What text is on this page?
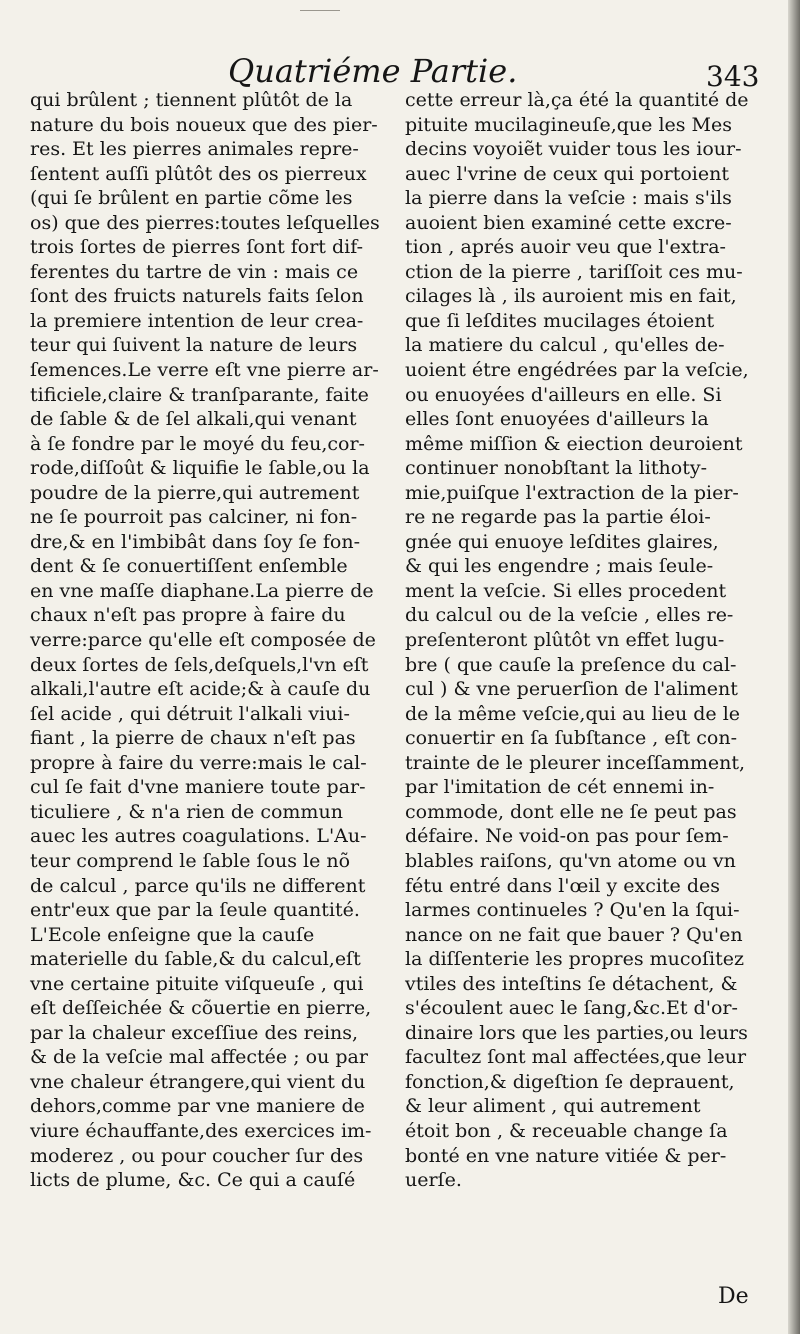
Quatriéme Partie.	343
qui brûlent ; tiennent plûtôt de la
nature du bois noueux que des pier-
res. Et les pierres animales repre-
ſentent auſſi plûtôt des os pierreux
(qui ſe brûlent en partie cõme les
os) que des pierres:toutes leſquelles
trois ſortes de pierres ſont fort dif-
ferentes du tartre de vin : mais ce
ſont des fruicts naturels faits ſelon
la premiere intention de leur crea-
teur qui ſuivent la nature de leurs
ſemences.Le verre eſt vne pierre ar-
tificiele,claire & tranſparante, faite
de ſable & de ſel alkali,qui venant
à ſe fondre par le moyé du feu,cor-
rode,diſſoût & liquifie le ſable,ou la
poudre de la pierre,qui autrement
ne ſe pourroit pas calciner, ni fon-
dre,& en l'imbibât dans ſoy ſe fon-
dent & ſe conuertiſſent enſemble
en vne maſſe diaphane.La pierre de
chaux n'eſt pas propre à faire du
verre:parce qu'elle eſt composée de
deux ſortes de ſels,deſquels,l'vn eſt
alkali,l'autre eſt acide;& à cauſe du
ſel acide , qui détruit l'alkali viui-
fiant , la pierre de chaux n'eſt pas
propre à faire du verre:mais le cal-
cul ſe fait d'vne maniere toute par-
ticuliere , & n'a rien de commun
auec les autres coagulations. L'Au-
teur comprend le ſable ſous le nõ
de calcul , parce qu'ils ne different
entr'eux que par la ſeule quantité.
L'Ecole enſeigne que la cauſe
materielle du ſable,& du calcul,eſt
vne certaine pituite viſqueuſe , qui
eſt deſſeichée & cõuertie en pierre,
par la chaleur exceſſiue des reins,
& de la veſcie mal affectée ; ou par
vne chaleur étrangere,qui vient du
dehors,comme par vne maniere de
viure échauffante,des exercices im-
moderez , ou pour coucher ſur des
licts de plume, &c. Ce qui a cauſé
cette erreur là,ça été la quantité de
pituite mucilagineuſe,que les Mes
decins voyoiẽt vuider tous les iour-
auec l'vrine de ceux qui portoient
la pierre dans la veſcie : mais s'ils
auoient bien examiné cette excre-
tion , aprés auoir veu que l'extra-
ction de la pierre , tariſſoit ces mu-
cilages là , ils auroient mis en fait,
que ſi leſdites mucilages étoient
la matiere du calcul , qu'elles de-
uoient étre engédrées par la veſcie,
ou enuoyées d'ailleurs en elle. Si
elles ſont enuoyées d'ailleurs la
même miſſion & eiection deuroient
continuer nonobſtant la lithoty-
mie,puiſque l'extraction de la pier-
re ne regarde pas la partie éloi-
gnée qui enuoye leſdites glaires,
& qui les engendre ; mais ſeule-
ment la veſcie. Si elles procedent
du calcul ou de la veſcie , elles re-
preſenteront plûtôt vn effet lugu-
bre ( que cauſe la preſence du cal-
cul ) & vne peruerſion de l'aliment
de la même veſcie,qui au lieu de le
conuertir en ſa ſubſtance , eſt con-
trainte de le pleurer inceſſamment,
par l'imitation de cét ennemi in-
commode, dont elle ne ſe peut pas
défaire. Ne void-on pas pour ſem-
blables raiſons, qu'vn atome ou vn
fétu entré dans l'œil y excite des
larmes continueles ? Qu'en la ſqui-
nance on ne fait que bauer ? Qu'en
la diſſenterie les propres mucoſitez
vtiles des inteſtins ſe détachent, &
s'écoulent auec le ſang,&c.Et d'or-
dinaire lors que les parties,ou leurs
facultez ſont mal affectées,que leur
fonction,& digeſtion ſe deprauent,
& leur aliment , qui autrement
étoit bon , & receuable change ſa
bonté en vne nature vitiée & per-
uerſe.
De
